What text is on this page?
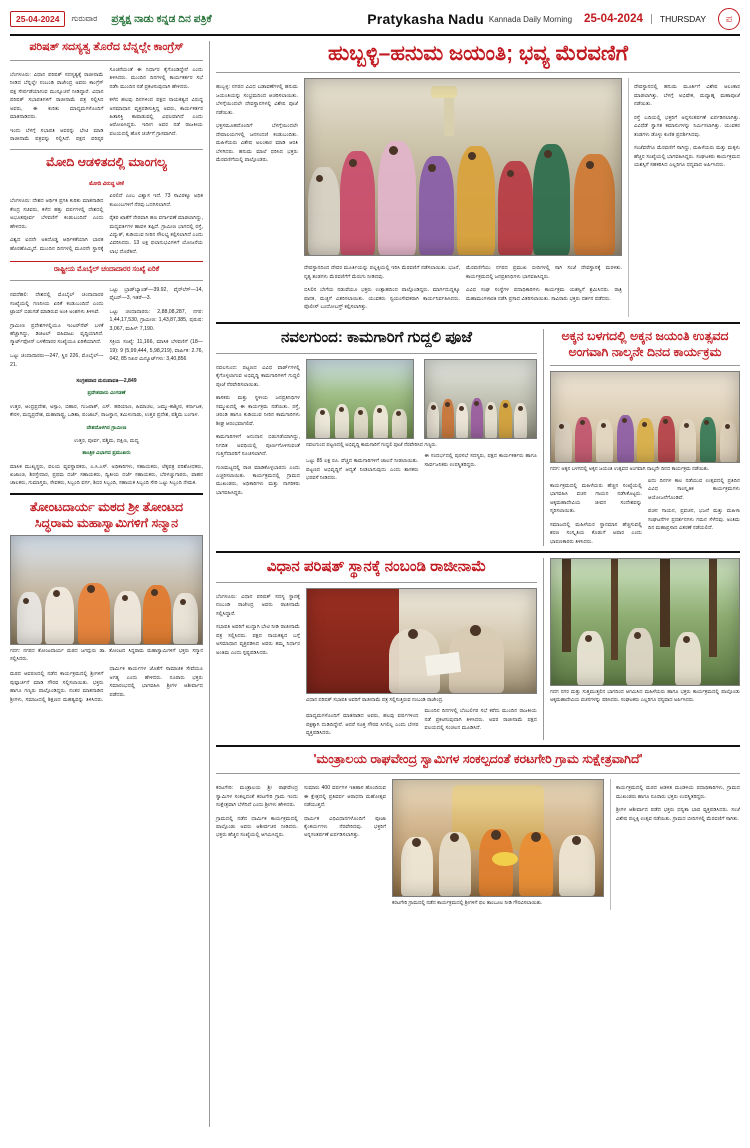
25-04-2024	ಗುರುವಾರ ಪ್ರತ್ಯಕ್ಷ ನಾಡು ಕನ್ನಡ ದಿನ ಪತ್ರಿಕೆ	Pratykasha Nadu Kannada Daily Morning 25-04-2024	THURSDAY	ಪ
ಪರಿಷತ್ ಸದಸ್ಯತ್ವ ತೊರೆದ ಬೆನ್ನಲ್ಲೇ ಕಾಂಗ್ರೆಸ್

ಬೆಂಗಳೂರು: ವಿಧಾನ ಪರಿಷತ್ ಸದಸ್ಯತ್ವಕ್ಕೆ ರಾಜೀನಾಮೆ ನೀಡಿದ ಬೆನ್ನಲ್ಲೇ ನಂಬಂಡಿ ರಾಜೇಂದ್ರ ಅವರು ಕಾಂಗ್ರೆಸ್ ಪಕ್ಷ ಸೇರ್ಪಡೆಯಾಗುವ ಮುನ್ಸೂಚನೆ ನೀಡಿದ್ದಾರೆ. ವಿಧಾನ ಪರಿಷತ್ ಸಭಾಪತಿಗಳಿಗೆ ರಾಜೀನಾಮೆ ಪತ್ರ ಸಲ್ಲಿಸಿದ ಅವರು, ಈ ಕುರಿತು ಮಾಧ್ಯಮಗಳೊಂದಿಗೆ ಮಾತನಾಡಿದರು.

ಇಂದು ಬೆಳಗ್ಗೆ ಸಭಾಪತಿ ಅವರನ್ನು ಭೇಟಿ ಮಾಡಿ ರಾಜೀನಾಮೆ ಪತ್ರವನ್ನು ಸಲ್ಲಿಸಿದೆ. ಪಕ್ಷದ ವರಿಷ್ಠರ ಸೂಚನೆಯಂತೆ ಈ ನಿರ್ಧಾರ ಕೈಗೊಂಡಿದ್ದೇನೆ ಎಂದು ತಿಳಿಸಿದರು. ಮುಂದಿನ ದಿನಗಳಲ್ಲಿ ಕಾರ್ಯಕರ್ತರ ಸಭೆ ನಡೆಸಿ ಮುಂದಿನ ನಡೆ ಪ್ರಕಟಿಸುವುದಾಗಿ ಹೇಳಿದರು.

ಕಳೆದ ಹಲವು ದಿನಗಳಿಂದ ಪಕ್ಷದ ನಾಯಕತ್ವದ ವಿರುದ್ಧ ಅಸಮಾಧಾನ ವ್ಯಕ್ತಪಡಿಸುತ್ತಿದ್ದ ಅವರು, ಕಾರ್ಯಕರ್ತರ ಹಿತಾಸಕ್ತಿ ಕಾಪಾಡುವಲ್ಲಿ ವಿಫಲವಾಗಿದೆ ಎಂದು ಆರೋಪಿಸಿದ್ದರು. ಇದೀಗ ಅವರ ನಡೆ ರಾಜಕೀಯ ವಲಯದಲ್ಲಿ ಹೊಸ ಚರ್ಚೆಗೆ ಗ್ರಾಸವಾಗಿದೆ.

ಮೋದಿ ಆಡಳಿತದಲ್ಲಿ ಮಾಂಗಲ್ಯ
ಮೋದಿ ವಿರುದ್ಧ ಟೀಕೆ

ಬೆಂಗಳೂರು: ದೇಶದ ಆರ್ಥಿಕ ಪ್ರಗತಿ ಕುರಿತು ಮಾತನಾಡಿದ ಕೇಂದ್ರ ಸಚಿವರು, ಕಳೆದ ಹತ್ತು ವರ್ಷಗಳಲ್ಲಿ ದೇಶದಲ್ಲಿ ಅಭೂತಪೂರ್ವ ಬೆಳವಣಿಗೆ ಕಂಡುಬಂದಿದೆ ಎಂದು ಹೇಳಿದರು.

ವಿಶ್ವದ ಐದನೇ ಅತಿದೊಡ್ಡ ಆರ್ಥಿಕತೆಯಾಗಿ ಭಾರತ ಹೊರಹೊಮ್ಮಿದೆ. ಮುಂದಿನ ದಿನಗಳಲ್ಲಿ ಮೂರನೇ ಸ್ಥಾನಕ್ಕೆ ಏರಲಿದೆ ಎಂಬ ವಿಶ್ವಾಸ ಇದೆ. 73 ಸಾವಿರಕ್ಕೂ ಅಧಿಕ ಕುಟುಂಬಗಳಿಗೆ ನೆರವು ಒದಗಿಸಲಾಗಿದೆ.

ರೈತರ ಖಾತೆಗೆ ನೇರವಾಗಿ ಹಣ ವರ್ಗಾವಣೆ ಮಾಡಲಾಗಿದ್ದು, ಮಧ್ಯವರ್ತಿಗಳ ಹಾವಳಿ ತಪ್ಪಿದೆ. ಗ್ರಾಮೀಣ ಭಾಗದಲ್ಲಿ ರಸ್ತೆ, ವಿದ್ಯುತ್, ಕುಡಿಯುವ ನೀರಿನ ಸೌಲಭ್ಯ ಕಲ್ಪಿಸಲಾಗಿದೆ ಎಂದು ವಿವರಿಸಿದರು. 13 ಲಕ್ಷ ಫಲಾನುಭವಿಗಳಿಗೆ ಯೋಜನೆಯ ಲಾಭ ದೊರೆತಿದೆ.

ರಾಷ್ಟ್ರೀಯ ಮೊಬೈಲ್ ಚಂದಾದಾರರ ಸಂಖ್ಯೆ ಏರಿಕೆ

ನವದೆಹಲಿ: ದೇಶದಲ್ಲಿ ಮೊಬೈಲ್ ಚಂದಾದಾರರ ಸಂಖ್ಯೆಯಲ್ಲಿ ಗಣನೀಯ ಏರಿಕೆ ಕಂಡುಬಂದಿದೆ ಎಂದು ಟ್ರಾಯ್ ಬಿಡುಗಡೆ ಮಾಡಿರುವ ಅಂಕಿ ಅಂಶಗಳು ತಿಳಿಸಿವೆ.

ಗ್ರಾಮೀಣ ಪ್ರದೇಶಗಳಲ್ಲಿಯೂ ಇಂಟರ್‌ನೆಟ್ ಬಳಕೆ ಹೆಚ್ಚಾಗಿದ್ದು, ಡಿಜಿಟಲ್ ವಹಿವಾಟು ವೃದ್ಧಿಯಾಗಿದೆ. ಸ್ಮಾರ್ಟ್‌ಫೋನ್ ಬಳಕೆದಾರರ ಸಂಖ್ಯೆಯೂ ಏರಿಕೆಯಾಗಿದೆ.

ಒಟ್ಟು ಚಂದಾದಾರರು—247, ಸ್ಥಿರ 226, ಮೊಬೈಲ್—21.

ಒಟ್ಟು ಬ್ರಾಡ್‌ಬ್ಯಾಂಡ್—39.92, ವೈರ್‌ಲೆಸ್—14, ಫೈಬರ್—3, ಇತರೆ—3.

ಒಟ್ಟು ಚಂದಾದಾರರು: 2,88,08,287, ನಗರ: 1,44,17,530, ಗ್ರಾಮೀಣ: 1,43,87,385, ಪುರುಷ: 3,067, ಮಹಿಳೆ: 7,190.

ಸಕ್ರಿಯ ಸಂಖ್ಯೆ: 11,166, ಮಾಸಿಕ ಬೆಳವಣಿಗೆ (18—19): 9 (5,99,444, 5,98,219), ವಾರ್ಷಿಕ: 2.76, 042, 85 ನಿಖರ ಮಿನ್ಯೂಟ್‌ಗಳು: 3,40,856

ಸಂಗ್ರಹವಾದ ಮರುಪಾವತಿ—2,849

ಪ್ರದೇಶವಾರು ವಿಂಗಡಣೆ

ಉತ್ತರ, ಆಂಧ್ರಪ್ರದೇಶ, ಅಸ್ಸಾಂ, ಬಿಹಾರ, ಗುಜರಾತ್, ಎಸ್. ಹರಿಯಾಣ, ಹಿಮಾಚಲ, ಜಮ್ಮು-ಕಾಶ್ಮೀರ, ಕರ್ನಾಟಕ, ಕೇರಳ, ಮಧ್ಯಪ್ರದೇಶ, ಮಹಾರಾಷ್ಟ್ರ, ಒಡಿಶಾ, ಪಂಜಾಬ್, ರಾಜಸ್ಥಾನ, ತಮಿಳುನಾಡು, ಉತ್ತರ ಪ್ರದೇಶ, ಪಶ್ಚಿಮ ಬಂಗಾಳ.

ದೇಶದೊಳಗಿನ ಗ್ರಾಮೀಣ

ಉತ್ತರ, ಪೂರ್ವ, ಪಶ್ಚಿಮ, ದಕ್ಷಿಣ, ಮಧ್ಯ

ತಾಂತ್ರಿಕ ವಿಭಾಗದ ಪ್ರಮುಖರು

ಮಾಸಿಕ ಮುಖ್ಯಸ್ಥರು, ವಲಯ ವ್ಯವಸ್ಥಾಪಕರು, ಎ.ಸಿ.ಎಸ್. ಅಧಿಕಾರಿಗಳು, ಸಹಾಯಕರು, ಲೆಕ್ಕಪತ್ರ ಪರಿಶೋಧಕರು, ಖಜಾಂಚಿ, ಶಿರಸ್ತೇದಾರ, ಪ್ರಥಮ ದರ್ಜೆ ಸಹಾಯಕರು, ದ್ವಿತೀಯ ದರ್ಜೆ ಸಹಾಯಕರು, ಬೆರಳಚ್ಚುಗಾರರು, ವಾಹನ ಚಾಲಕರು, ಗುಮಾಸ್ತರು, ಸೇವಕರು, ಸಿಬ್ಬಂದಿ ವರ್ಗ, ಶಿಬಿರ ಸಿಬ್ಬಂದಿ, ಸಹಾಯಕ ಸಿಬ್ಬಂದಿ ಸೇರಿ ಒಟ್ಟು ಸಿಬ್ಬಂದಿ ನೇಮಕ.

ತೋಂಟದಾರ್ಯ ಮಠದ ಶ್ರೀ ತೋಂಟದ
ಸಿದ್ಧರಾಮ ಮಹಾಸ್ವಾಮಿಗಳಿಗೆ ಸನ್ಮಾನ

ಗದಗ: ನಗರದ ತೋಂಟದಾರ್ಯ ಮಠದ ಜಗದ್ಗುರು ಡಾ. ತೋಂಟದ ಸಿದ್ಧರಾಮ ಮಹಾಸ್ವಾಮಿಗಳಿಗೆ ಭಕ್ತರು ಸನ್ಮಾನ ಸಲ್ಲಿಸಿದರು.

ಮಠದ ಆವರಣದಲ್ಲಿ ನಡೆದ ಕಾರ್ಯಕ್ರಮದಲ್ಲಿ ಶ್ರೀಗಳಿಗೆ ಪುಷ್ಪಾರ್ಚನೆ ಮಾಡಿ ಗೌರವ ಸಲ್ಲಿಸಲಾಯಿತು. ಭಕ್ತರು ಹಾಗೂ ಗಣ್ಯರು ಪಾಲ್ಗೊಂಡಿದ್ದರು. ನಂತರ ಮಾತನಾಡಿದ ಶ್ರೀಗಳು, ಸಮಾಜದಲ್ಲಿ ಶಿಕ್ಷಣದ ಮಹತ್ವವನ್ನು ತಿಳಿಸಿದರು. ಧಾರ್ಮಿಕ ಕಾರ್ಯಗಳ ಜೊತೆಗೆ ಸಾಮಾಜಿಕ ಸೇವೆಯೂ ಅಗತ್ಯ ಎಂದು ಹೇಳಿದರು. ನೂರಾರು ಭಕ್ತರು ಸಮಾರಂಭದಲ್ಲಿ ಭಾಗವಹಿಸಿ ಶ್ರೀಗಳ ಆಶೀರ್ವಾದ ಪಡೆದರು.

ಹುಬ್ಬಳ್ಳಿ–ಹನುಮ ಜಯಂತಿ; ಭವ್ಯ ಮೆರವಣಿಗೆ

ಹುಬ್ಬಳ್ಳಿ: ನಗರದ ವಿವಿಧ ಬಡಾವಣೆಗಳಲ್ಲಿ ಹನುಮ ಜಯಂತಿಯನ್ನು ಸಂಭ್ರಮದಿಂದ ಆಚರಿಸಲಾಯಿತು. ಬೆಳಗ್ಗೆಯಿಂದಲೇ ದೇವಸ್ಥಾನಗಳಲ್ಲಿ ವಿಶೇಷ ಪೂಜೆ ನಡೆಯಿತು.

ಭಕ್ತಸಮೂಹದೊಂದಿಗೆ ಬೆಳಗ್ಗೆಯಿಂದಲೇ ದೇವಾಲಯಗಳಲ್ಲಿ ಜನಸಂದಣಿ ಕಂಡುಬಂದಿತು. ಮಹಿಳೆಯರು ವಿಶೇಷ ಅಲಂಕಾರ ಮಾಡಿ ಆರತಿ ಬೆಳಗಿದರು. ಹನುಮ ಮಾಲೆ ಧರಿಸಿದ ಭಕ್ತರು ಮೆರವಣಿಗೆಯಲ್ಲಿ ಪಾಲ್ಗೊಂಡರು.

ದೇವಸ್ಥಾನದಿಂದ ದೇವರ ಮೂರ್ತಿಯನ್ನು ಪಲ್ಲಕ್ಕಿಯಲ್ಲಿ ಇರಿಸಿ ಮೆರವಣಿಗೆ ನಡೆಸಲಾಯಿತು. ಭಜನೆ, ನೃತ್ಯ ತಂಡಗಳು ಮೆರವಣಿಗೆಗೆ ಮೆರುಗು ನೀಡಿದವು.

ಬಿಸಿಲಿನ ಬೇಗೆಯ ನಡುವೆಯೂ ಭಕ್ತರು ಉತ್ಸಾಹದಿಂದ ಪಾಲ್ಗೊಂಡಿದ್ದರು. ಮಾರ್ಗದುದ್ದಕ್ಕೂ ಪಾನಕ, ಮಜ್ಜಿಗೆ ವಿತರಿಸಲಾಯಿತು. ಯುವಕರು ಸ್ವಯಂಸೇವಕರಾಗಿ ಕಾರ್ಯನಿರ್ವಹಿಸಿದರು. ಪೊಲೀಸ್ ಬಂದೋಬಸ್ತ್ ಕಲ್ಪಿಸಲಾಗಿತ್ತು.

ಮೆರವಣಿಗೆಯು ನಗರದ ಪ್ರಮುಖ ಬೀದಿಗಳಲ್ಲಿ ಸಾಗಿ ಸಂಜೆ ದೇವಸ್ಥಾನಕ್ಕೆ ಮರಳಿತು. ಕಾರ್ಯಕ್ರಮದಲ್ಲಿ ಜನಪ್ರತಿನಿಧಿಗಳು ಭಾಗವಹಿಸಿದ್ದರು.

ವಿವಿಧ ಸಂಘ ಸಂಸ್ಥೆಗಳ ಪದಾಧಿಕಾರಿಗಳು ಕಾರ್ಯಕ್ರಮ ಯಶಸ್ವಿಗೆ ಶ್ರಮಿಸಿದರು. ರಾತ್ರಿ ಮಹಾಮಂಗಳಾರತಿ ನಡೆಸಿ ಪ್ರಸಾದ ವಿತರಿಸಲಾಯಿತು. ಸಾವಿರಾರು ಭಕ್ತರು ದರ್ಶನ ಪಡೆದರು.

ದೇವಸ್ಥಾನದಲ್ಲಿ ಹನುಮ ಮೂರ್ತಿಗೆ ವಿಶೇಷ ಅಲಂಕಾರ ಮಾಡಲಾಗಿತ್ತು. ಬೆಳಗ್ಗೆ ಅಭಿಷೇಕ, ಮಧ್ಯಾಹ್ನ ಮಹಾಪೂಜೆ ನಡೆಯಿತು.

ರಸ್ತೆ ಬದಿಯಲ್ಲಿ ಭಕ್ತರಿಗೆ ಅನ್ನಸಂತರ್ಪಣೆ ಏರ್ಪಡಿಸಲಾಗಿತ್ತು. ವಿವಿಧೆಡೆ ಸ್ವಾಗತ ಕಮಾನುಗಳನ್ನು ನಿರ್ಮಿಸಲಾಗಿತ್ತು. ಯುವಕರ ತಂಡಗಳು ಡೊಳ್ಳು ಕುಣಿತ ಪ್ರದರ್ಶಿಸಿದವು.

ಸಂಜೆವರೆಗೂ ಮೆರವಣಿಗೆ ಸಾಗಿದ್ದು, ಮಹಿಳೆಯರು ಮತ್ತು ಮಕ್ಕಳು ಹೆಚ್ಚಿನ ಸಂಖ್ಯೆಯಲ್ಲಿ ಭಾಗವಹಿಸಿದ್ದರು. ಸಂಘಟಕರು ಕಾರ್ಯಕ್ರಮದ ಯಶಸ್ಸಿಗೆ ಸಹಕರಿಸಿದ ಎಲ್ಲರಿಗೂ ಧನ್ಯವಾದ ಅರ್ಪಿಸಿದರು.

ನವಲಗುಂದ: ಕಾಮಗಾರಿಗೆ ಗುದ್ದಲಿ ಪೂಜೆ

ನವಲಗುಂದ: ಪಟ್ಟಣದ ವಿವಿಧ ವಾರ್ಡ್‌ಗಳಲ್ಲಿ ಕೈಗೊಳ್ಳಲಾಗುವ ಅಭಿವೃದ್ಧಿ ಕಾಮಗಾರಿಗಳಿಗೆ ಗುದ್ದಲಿ ಪೂಜೆ ನೆರವೇರಿಸಲಾಯಿತು.

ಶಾಸಕರು ಮತ್ತು ಸ್ಥಳೀಯ ಜನಪ್ರತಿನಿಧಿಗಳ ಸಮ್ಮುಖದಲ್ಲಿ ಈ ಕಾರ್ಯಕ್ರಮ ನಡೆಯಿತು. ರಸ್ತೆ, ಚರಂಡಿ ಹಾಗೂ ಕುಡಿಯುವ ನೀರಿನ ಕಾಮಗಾರಿಗಳು ಶೀಘ್ರ ಆರಂಭವಾಗಲಿವೆ.

ಕಾಮಗಾರಿಗಳಿಗೆ ಅನುದಾನ ಬಿಡುಗಡೆಯಾಗಿದ್ದು, ನಿಗದಿತ ಅವಧಿಯಲ್ಲಿ ಪೂರ್ಣಗೊಳಿಸುವಂತೆ ಗುತ್ತಿಗೆದಾರರಿಗೆ ಸೂಚಿಸಲಾಗಿದೆ.

ಗುಣಮಟ್ಟದಲ್ಲಿ ರಾಜಿ ಮಾಡಿಕೊಳ್ಳಬಾರದು ಎಂದು ಎಚ್ಚರಿಸಲಾಯಿತು. ಕಾರ್ಯಕ್ರಮದಲ್ಲಿ ಗ್ರಾಮದ ಮುಖಂಡರು, ಅಧಿಕಾರಿಗಳು ಮತ್ತು ನಾಗರಿಕರು ಭಾಗವಹಿಸಿದ್ದರು.

ನವಲಗುಂದ ಪಟ್ಟಣದಲ್ಲಿ ಅಭಿವೃದ್ಧಿ ಕಾಮಗಾರಿಗೆ ಗುದ್ದಲಿ ಪೂಜೆ ನೆರವೇರಿಸಿದ ಗಣ್ಯರು.

ಒಟ್ಟು 85 ಲಕ್ಷ ರೂ. ವೆಚ್ಚದ ಕಾಮಗಾರಿಗಳಿಗೆ ಚಾಲನೆ ನೀಡಲಾಯಿತು. ಪಟ್ಟಣದ ಅಭಿವೃದ್ಧಿಗೆ ಆದ್ಯತೆ ನೀಡಲಾಗುವುದು ಎಂದು ಶಾಸಕರು ಭರವಸೆ ನೀಡಿದರು.

ಈ ಸಂದರ್ಭದಲ್ಲಿ ಪುರಸಭೆ ಸದಸ್ಯರು, ಪಕ್ಷದ ಕಾರ್ಯಕರ್ತರು ಹಾಗೂ ಸಾರ್ವಜನಿಕರು ಉಪಸ್ಥಿತರಿದ್ದರು.

ಅಕ್ಕನ ಬಳಗದಲ್ಲಿ ಅಕ್ಕನ ಜಯಂತಿ ಉತ್ಸವದ
ಅಂಗವಾಗಿ ನಾಲ್ಕನೇ ದಿನದ ಕಾರ್ಯಕ್ರಮ

ಗದಗ: ಅಕ್ಕನ ಬಳಗದಲ್ಲಿ ಅಕ್ಕನ ಜಯಂತಿ ಉತ್ಸವದ ಅಂಗವಾಗಿ ನಾಲ್ಕನೇ ದಿನದ ಕಾರ್ಯಕ್ರಮ ನಡೆಯಿತು.

ಕಾರ್ಯಕ್ರಮದಲ್ಲಿ ಮಹಿಳೆಯರು ಹೆಚ್ಚಿನ ಸಂಖ್ಯೆಯಲ್ಲಿ ಭಾಗವಹಿಸಿ ವಚನ ಗಾಯನ ನಡೆಸಿಕೊಟ್ಟರು. ಅಕ್ಕಮಹಾದೇವಿಯ ಜೀವನ ಸಂದೇಶವನ್ನು ಸ್ಮರಿಸಲಾಯಿತು.

ಸಮಾಜದಲ್ಲಿ ಮಹಿಳೆಯರ ಸ್ಥಾನಮಾನ ಹೆಚ್ಚಿಸುವಲ್ಲಿ ಶರಣ ಸಂಸ್ಕೃತಿಯ ಕೊಡುಗೆ ಅಪಾರ ಎಂದು ಭಾಷಣಕಾರರು ತಿಳಿಸಿದರು.

ಐದು ದಿನಗಳ ಕಾಲ ನಡೆಯುವ ಉತ್ಸವದಲ್ಲಿ ಪ್ರತಿದಿನ ವಿವಿಧ ಸಾಂಸ್ಕೃತಿಕ ಕಾರ್ಯಕ್ರಮಗಳು ಆಯೋಜನೆಗೊಂಡಿವೆ.

ವಚನ ಗಾಯನ, ಪ್ರವಚನ, ಭಜನೆ ಮತ್ತು ಮಹಿಳಾ ಸಂಘಟನೆಗಳ ಪ್ರದರ್ಶನಗಳು ಗಮನ ಸೆಳೆದವು. ಅಂತಿಮ ದಿನ ಮಹಾಪ್ರಸಾದ ವಿತರಣೆ ನಡೆಯಲಿದೆ.

ವಿಧಾನ ಪರಿಷತ್ ಸ್ಥಾನಕ್ಕೆ ನಂಬಂಡಿ ರಾಜೀನಾಮೆ

ಬೆಂಗಳೂರು: ವಿಧಾನ ಪರಿಷತ್ ಸದಸ್ಯ ಸ್ಥಾನಕ್ಕೆ ನಂಬಂಡಿ ರಾಜೇಂದ್ರ ಅವರು ರಾಜೀನಾಮೆ ಸಲ್ಲಿಸಿದ್ದಾರೆ.

ಸಭಾಪತಿ ಅವರಿಗೆ ಖುದ್ದಾಗಿ ಭೇಟಿ ನೀಡಿ ರಾಜೀನಾಮೆ ಪತ್ರ ಸಲ್ಲಿಸಿದರು. ಪಕ್ಷದ ನಾಯಕತ್ವದ ಬಗ್ಗೆ ಅಸಮಾಧಾನ ವ್ಯಕ್ತಪಡಿಸಿದ ಅವರು ತಮ್ಮ ನಿರ್ಧಾರ ಅಂತಿಮ ಎಂದು ಸ್ಪಷ್ಟಪಡಿಸಿದರು.

ವಿಧಾನ ಪರಿಷತ್ ಸಭಾಪತಿ ಅವರಿಗೆ ರಾಜೀನಾಮೆ ಪತ್ರ ಸಲ್ಲಿಸುತ್ತಿರುವ ನಂಬಂಡಿ ರಾಜೇಂದ್ರ.

ಮಾಧ್ಯಮಗಳೊಂದಿಗೆ ಮಾತನಾಡಿದ ಅವರು, ಹಲವು ವರ್ಷಗಳಿಂದ ಪಕ್ಷಕ್ಕಾಗಿ ದುಡಿದಿದ್ದೇನೆ. ಆದರೆ ಸೂಕ್ತ ಗೌರವ ಸಿಗಲಿಲ್ಲ ಎಂದು ಬೇಸರ ವ್ಯಕ್ತಪಡಿಸಿದರು.

ಮುಂದಿನ ದಿನಗಳಲ್ಲಿ ಬೆಂಬಲಿಗರ ಸಭೆ ಕರೆದು ಮುಂದಿನ ರಾಜಕೀಯ ನಡೆ ಪ್ರಕಟಿಸುವುದಾಗಿ ತಿಳಿಸಿದರು. ಅವರ ರಾಜೀನಾಮೆ ಪಕ್ಷದ ವಲಯದಲ್ಲಿ ಸಂಚಲನ ಮೂಡಿಸಿದೆ.

ಗದಗ ನಗರ ಮತ್ತು ಸುತ್ತಮುತ್ತಲಿನ ಭಾಗದಿಂದ ಆಗಮಿಸಿದ ಮಹಿಳೆಯರು ಹಾಗೂ ಭಕ್ತರು ಕಾರ್ಯಕ್ರಮದಲ್ಲಿ ಪಾಲ್ಗೊಂಡು ಅಕ್ಕಮಹಾದೇವಿಯ ವಚನಗಳನ್ನು ಪಠಿಸಿದರು. ಸಂಘಟಕರು ಎಲ್ಲರಿಗೂ ಧನ್ಯವಾದ ಅರ್ಪಿಸಿದರು.

'ಮಂತ್ರಾಲಯ ರಾಘವೇಂದ್ರ ಸ್ವಾಮಿಗಳ ಸಂಕಲ್ಪದಂತೆ ಕರಟಗೇರಿ ಗ್ರಾಮ ಸುಕ್ಷೇತ್ರವಾಗಿದೆ'

ಕರಟಗೇರಿ: ಮಂತ್ರಾಲಯ ಶ್ರೀ ರಾಘವೇಂದ್ರ ಸ್ವಾಮಿಗಳ ಸಂಕಲ್ಪದಂತೆ ಕರಟಗೇರಿ ಗ್ರಾಮ ಇಂದು ಸುಕ್ಷೇತ್ರವಾಗಿ ಬೆಳೆದಿದೆ ಎಂದು ಶ್ರೀಗಳು ಹೇಳಿದರು.

ಗ್ರಾಮದಲ್ಲಿ ನಡೆದ ಧಾರ್ಮಿಕ ಕಾರ್ಯಕ್ರಮದಲ್ಲಿ ಪಾಲ್ಗೊಂಡು ಅವರು ಆಶೀರ್ವಚನ ನೀಡಿದರು. ಭಕ್ತರು ಹೆಚ್ಚಿನ ಸಂಖ್ಯೆಯಲ್ಲಿ ಆಗಮಿಸಿದ್ದರು.

ಸುಮಾರು 400 ವರ್ಷಗಳ ಇತಿಹಾಸ ಹೊಂದಿರುವ ಈ ಕ್ಷೇತ್ರದಲ್ಲಿ ಪ್ರತಿವರ್ಷ ಆರಾಧನಾ ಮಹೋತ್ಸವ ನಡೆಯುತ್ತದೆ.

ಧಾರ್ಮಿಕ ವಿಧಿವಿಧಾನಗಳೊಂದಿಗೆ ಪೂಜಾ ಕೈಂಕರ್ಯಗಳು ನೆರವೇರಿದವು. ಭಕ್ತರಿಗೆ ಅನ್ನಸಂತರ್ಪಣೆ ಏರ್ಪಡಿಸಲಾಗಿತ್ತು.

ಕರಟಗೇರಿ ಗ್ರಾಮದಲ್ಲಿ ನಡೆದ ಕಾರ್ಯಕ್ರಮದಲ್ಲಿ ಶ್ರೀಗಳಿಗೆ ಫಲ ತಾಂಬೂಲ ನೀಡಿ ಗೌರವಿಸಲಾಯಿತು.

ಕಾರ್ಯಕ್ರಮದಲ್ಲಿ ಮಠದ ಆಡಳಿತ ಮಂಡಳಿಯ ಪದಾಧಿಕಾರಿಗಳು, ಗ್ರಾಮದ ಮುಖಂಡರು ಹಾಗೂ ನೂರಾರು ಭಕ್ತರು ಉಪಸ್ಥಿತರಿದ್ದರು.

ಶ್ರೀಗಳ ಆಶೀರ್ವಾದ ಪಡೆದ ಭಕ್ತರು ಧನ್ಯತಾ ಭಾವ ವ್ಯಕ್ತಪಡಿಸಿದರು. ಸಂಜೆ ವಿಶೇಷ ಪಲ್ಲಕ್ಕಿ ಉತ್ಸವ ನಡೆಯಿತು. ಗ್ರಾಮದ ಬೀದಿಗಳಲ್ಲಿ ಮೆರವಣಿಗೆ ಸಾಗಿತು.
